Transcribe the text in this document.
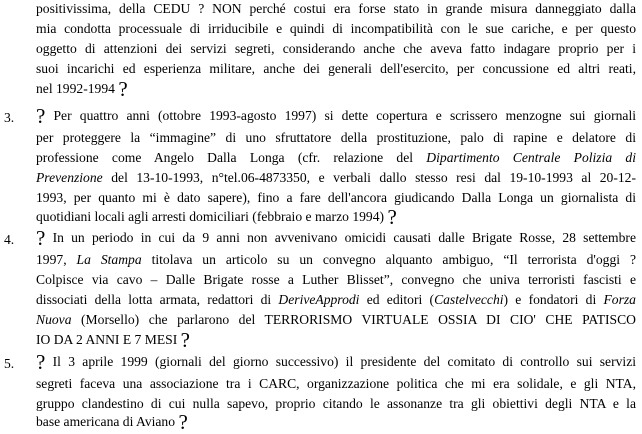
positivissima, della CEDU ? NON perché costui era forse stato in grande misura danneggiato dalla
mia condotta processuale di irriducibile e quindi di incompatibilità con le sue cariche, e per questo
oggetto di attenzioni dei servizi segreti, considerando anche che aveva fatto indagare proprio per i
suoi incarichi ed esperienza militare, anche dei generali dell'esercito, per concussione ed altri reati,
nel 1992-1994 ?
3. ? Per quattro anni (ottobre 1993-agosto 1997) si dette copertura e scrissero menzogne sui giornali
per proteggere la “immagine” di uno sfruttatore della prostituzione, palo di rapine e delatore di
professione come Angelo Dalla Longa (cfr. relazione del Dipartimento Centrale Polizia di
Prevenzione del 13-10-1993, n°tel.06-4873350, e verbali dallo stesso resi dal 19-10-1993 al 20-12-
1993, per quanto mi è dato sapere), fino a fare dell'ancora giudicando Dalla Longa un giornalista di
quotidiani locali agli arresti domiciliari (febbraio e marzo 1994) ?
4. ? In un periodo in cui da 9 anni non avvenivano omicidi causati dalle Brigate Rosse, 28 settembre
1997, La Stampa titolava un articolo su un convegno alquanto ambiguo, “Il terrorista d'oggi ?
Colpisce via cavo – Dalle Brigate rosse a Luther Blisset”, convegno che univa terroristi fascisti e
dissociati della lotta armata, redattori di DeriveApprodi ed editori (Castelvecchi) e fondatori di Forza
Nuova (Morsello) che parlarono del TERRORISMO VIRTUALE OSSIA DI CIO' CHE PATISCO
IO DA 2 ANNI E 7 MESI ?
5. ? Il 3 aprile 1999 (giornali del giorno successivo) il presidente del comitato di controllo sui servizi
segreti faceva una associazione tra i CARC, organizzazione politica che mi era solidale, e gli NTA,
gruppo clandestino di cui nulla sapevo, proprio citando le assonanze tra gli obiettivi degli NTA e la
base americana di Aviano ?
